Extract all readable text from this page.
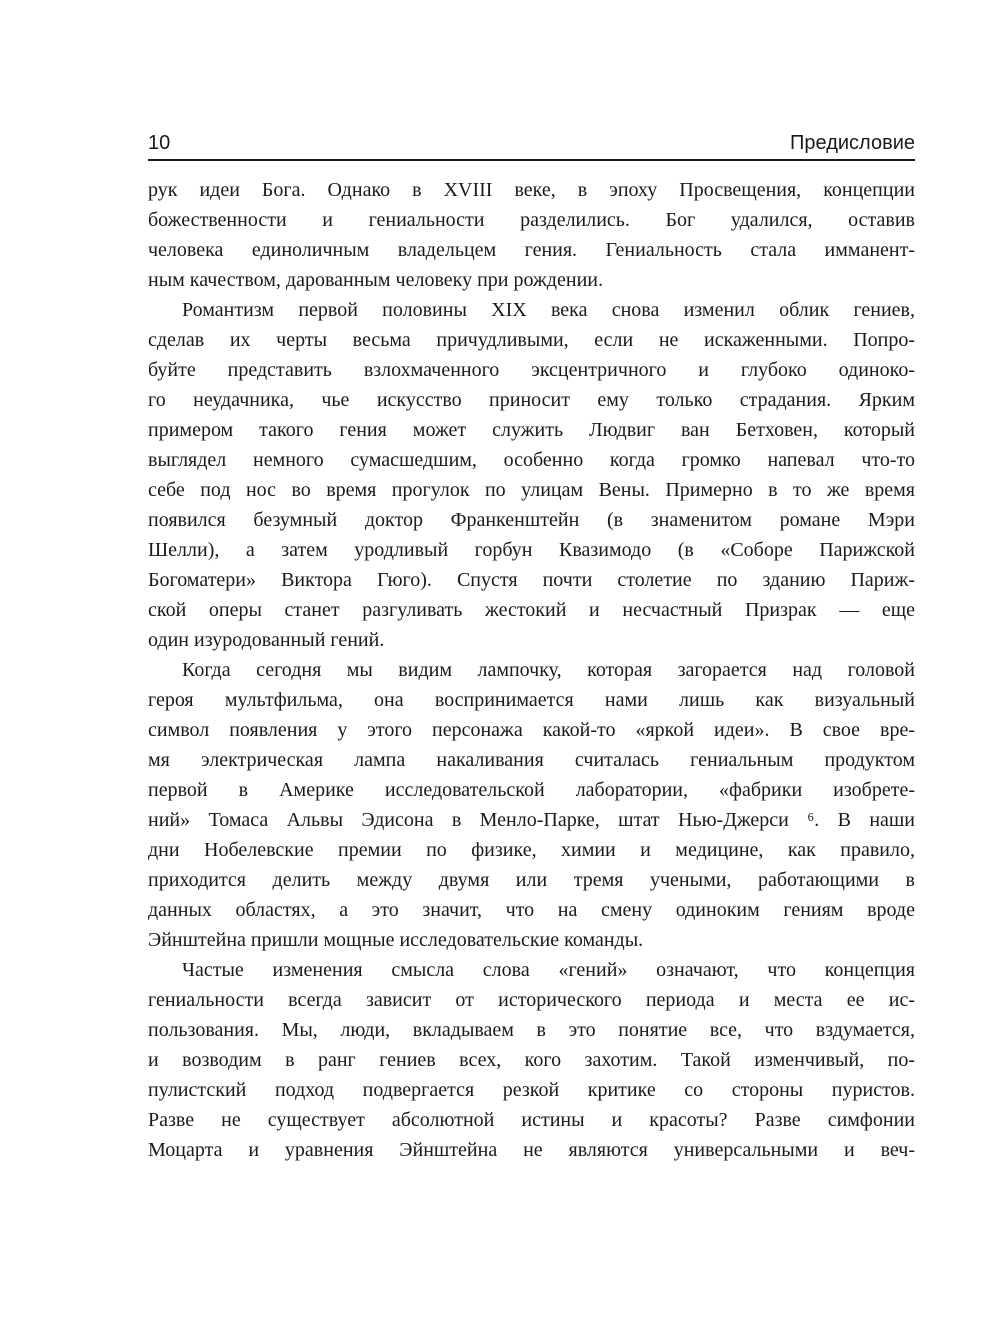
10	Предисловие
рук идеи Бога. Однако в XVIII веке, в эпоху Просвещения, концепции
божественности и гениальности разделились. Бог удалился, оставив
человека единоличным владельцем гения. Гениальность стала имманент-
ным качеством, дарованным человеку при рождении.
Романтизм первой половины XIX века снова изменил облик гениев,
сделав их черты весьма причудливыми, если не искаженными. Попро-
буйте представить взлохмаченного эксцентричного и глубоко одиноко-
го неудачника, чье искусство приносит ему только страдания. Ярким
примером такого гения может служить Людвиг ван Бетховен, который
выглядел немного сумасшедшим, особенно когда громко напевал что-то
себе под нос во время прогулок по улицам Вены. Примерно в то же время
появился безумный доктор Франкенштейн (в знаменитом романе Мэри
Шелли), а затем уродливый горбун Квазимодо (в «Соборе Парижской
Богоматери» Виктора Гюго). Спустя почти столетие по зданию Париж-
ской оперы станет разгуливать жестокий и несчастный Призрак — еще
один изуродованный гений.
Когда сегодня мы видим лампочку, которая загорается над головой
героя мультфильма, она воспринимается нами лишь как визуальный
символ появления у этого персонажа какой-то «яркой идеи». В свое вре-
мя электрическая лампа накаливания считалась гениальным продуктом
первой в Америке исследовательской лаборатории, «фабрики изобрете-
ний» Томаса Альвы Эдисона в Менло-Парке, штат Нью-Джерси ⁶. В наши
дни Нобелевские премии по физике, химии и медицине, как правило,
приходится делить между двумя или тремя учеными, работающими в
данных областях, а это значит, что на смену одиноким гениям вроде
Эйнштейна пришли мощные исследовательские команды.
Частые изменения смысла слова «гений» означают, что концепция
гениальности всегда зависит от исторического периода и места ее ис-
пользования. Мы, люди, вкладываем в это понятие все, что вздумается,
и возводим в ранг гениев всех, кого захотим. Такой изменчивый, по-
пулистский подход подвергается резкой критике со стороны пуристов.
Разве не существует абсолютной истины и красоты? Разве симфонии
Моцарта и уравнения Эйнштейна не являются универсальными и веч-
